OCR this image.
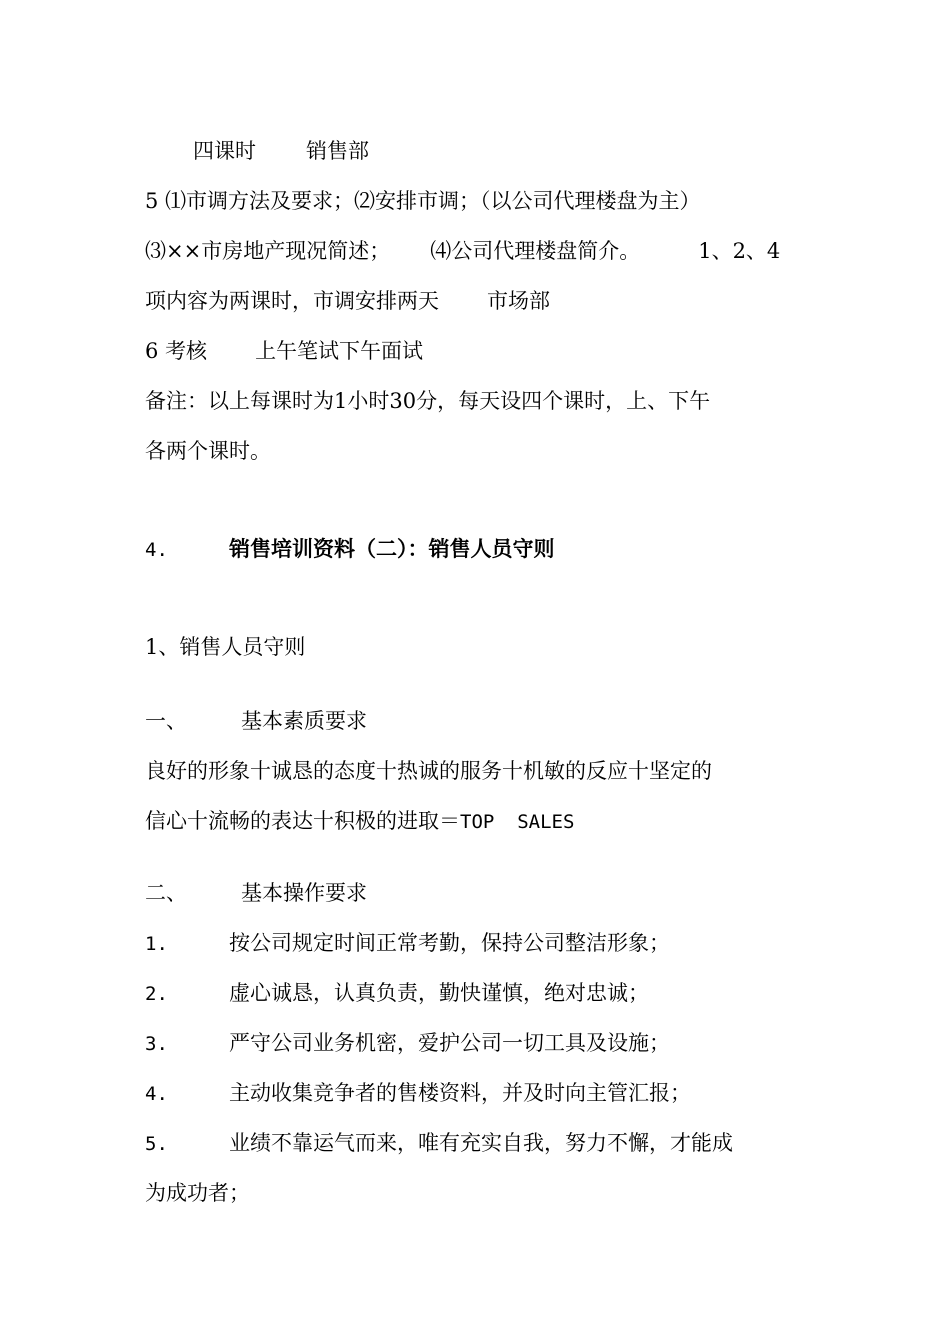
四课时 销售部
5 ⑴市调方法及要求；⑵安排市调；（以公司代理楼盘为主）
⑶××市房地产现况简述； ⑷公司代理楼盘简介。	1、2、4
项内容为两课时，市调安排两天 市场部
6 考核 上午笔试下午面试
备注：以上每课时为1小时30分，每天设四个课时，上、下午
各两个课时。
4.	销售培训资料（二）：销售人员守则
1、销售人员守则
一、	基本素质要求
良好的形象十诚恳的态度十热诚的服务十机敏的反应十坚定的
信心十流畅的表达十积极的进取＝TOP  SALES
二、	基本操作要求
1.	按公司规定时间正常考勤，保持公司整洁形象；
2.	虚心诚恳，认真负责，勤快谨慎，绝对忠诚；
3.	严守公司业务机密，爱护公司一切工具及设施；
4.	主动收集竞争者的售楼资料，并及时向主管汇报；
5.	业绩不靠运气而来，唯有充实自我，努力不懈，才能成
为成功者；
